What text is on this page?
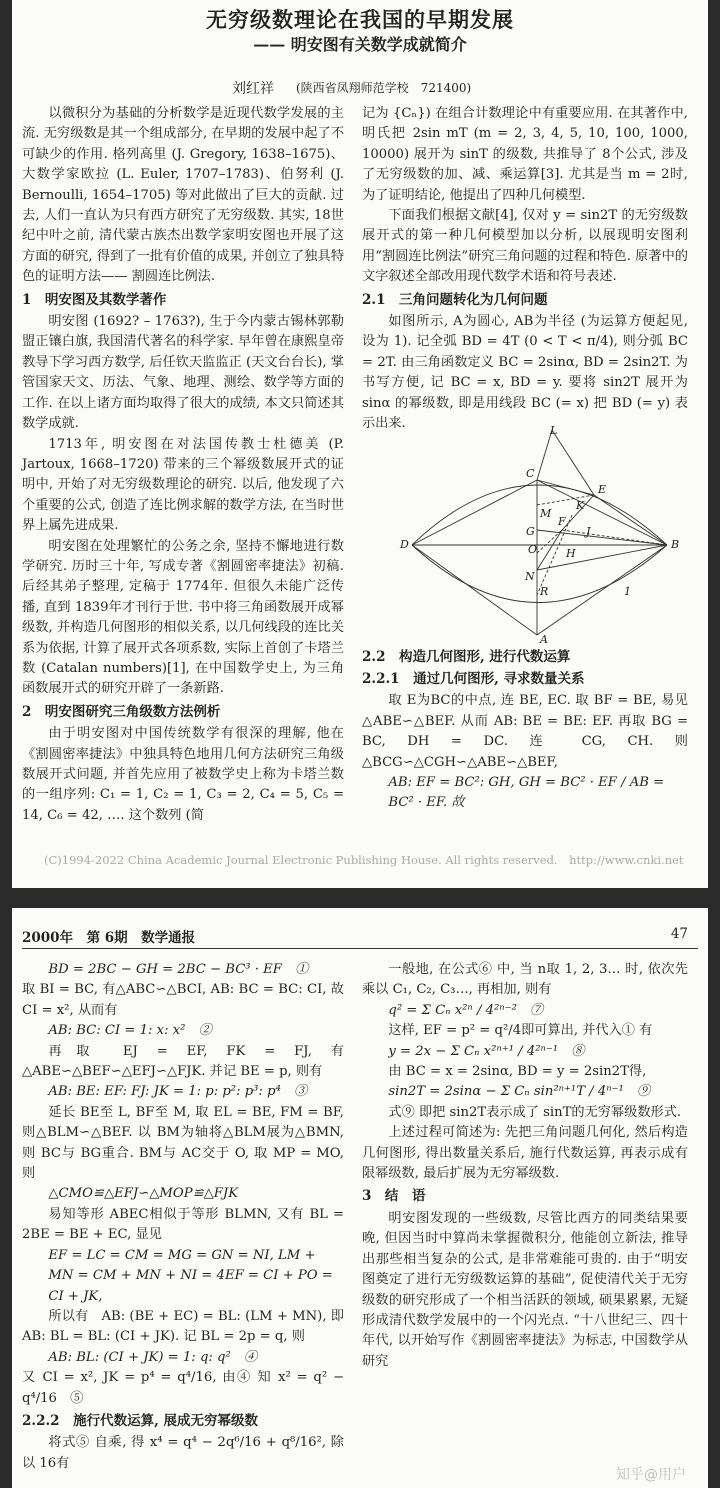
无穷级数理论在我国的早期发展
—— 明安图有关数学成就简介
刘红祥 (陕西省凤翔师范学校　721400)

以微积分为基础的分析数学是近现代数学发展的主流. 无穷级数是其一个组成部分, 在早期的发展中起了不可缺少的作用. 格列高里 (J. Gregory, 1638–1675)、大数学家欧拉 (L. Euler, 1707–1783)、伯努利 (J. Bernoulli, 1654–1705) 等对此做出了巨大的贡献. 过去, 人们一直认为只有西方研究了无穷级数. 其实, 18世纪中叶之前, 清代蒙古族杰出数学家明安图也开展了这方面的研究, 得到了一批有价值的成果, 并创立了独具特色的证明方法—— 割圆连比例法.

1　明安图及其数学著作

明安图 (1692? – 1763?), 生于今内蒙古锡林郭勒盟正镶白旗, 我国清代著名的科学家. 早年曾在康熙皇帝教导下学习西方数学, 后任钦天监监正 (天文台台长), 掌管国家天文、历法、气象、地理、测绘、数学等方面的工作. 在以上诸方面均取得了很大的成绩, 本文只简述其数学成就.

1713年, 明安图在对法国传教士杜德美 (P. Jartoux, 1668–1720) 带来的三个幂级数展开式的证明中, 开始了对无穷级数理论的研究. 以后, 他发现了六个重要的公式, 创造了连比例求解的数学方法, 在当时世界上属先进成果.

明安图在处理繁忙的公务之余, 坚持不懈地进行数学研究. 历时三十年, 写成专著《割圆密率捷法》初稿. 后经其弟子整理, 定稿于 1774年. 但很久未能广泛传播, 直到 1839年才刊行于世. 书中将三角函数展开成幂级数, 并构造几何图形的相似关系, 以几何线段的连比关系为依据, 计算了展开式各项系数, 实际上首创了卡塔兰数 (Catalan numbers)[1], 在中国数学史上, 为三角函数展开式的研究开辟了一条新路.

2　明安图研究三角级数方法例析

由于明安图对中国传统数学有很深的理解, 他在《割圆密率捷法》中独具特色地用几何方法研究三角级数展开式问题, 并首先应用了被数学史上称为卡塔兰数的一组序列: C₁ = 1, C₂ = 1, C₃ = 2, C₄ = 5, C₅ = 14, C₆ = 42, …. 这个数列 (简

记为 {Cₙ}) 在组合计数理论中有重要应用. 在其著作中, 明氏把 2sin mT (m = 2, 3, 4, 5, 10, 100, 1000, 10000) 展开为 sinT 的级数, 共推导了 8个公式, 涉及了无穷级数的加、减、乘运算[3]. 尤其是当 m = 2时, 为了证明结论, 他提出了四种几何模型.

下面我们根据文献[4], 仅对 y = sin2T 的无穷级数展开式的第一种几何模型加以分析, 以展现明安图利用“割圆连比例法”研究三角问题的过程和特色. 原著中的文字叙述全部改用现代数学术语和符号表述.

2.1　三角问题转化为几何问题

如图所示, A为圆心, AB为半径 (为运算方便起见, 设为 1). 记全弧 BD = 4T (0 < T < π/4), 则分弧 BC = 2T. 由三角函数定义 BC = 2sinα, BD = 2sin2T. 为书写方便, 记 BC = x, BD = y. 要将 sin2T 展开为 sinα 的幂级数, 即是用线段 BC (= x) 把 BD (= y) 表示出来.	L
C
E
B
D
F
M
O	H
G
N
K
J
R
A
1
2.2　构造几何图形, 进行代数运算
2.2.1　通过几何图形, 寻求数量关系

取 E为BC的中点, 连 BE, EC. 取 BF = BE, 易见△ABE∽△BEF. 从而 AB: BE = BE: EF. 再取 BG = BC, DH = DC. 连 CG, CH. 则△BCG∽△CGH∽△ABE∽△BEF,

AB: EF = BC²: GH, GH = BC² · EF / AB = BC² · EF. 故

(C)1994-2022 China Academic Journal Electronic Publishing House. All rights reserved.　http://www.cnki.net
2000年　第 6期　数学通报	47

BD = 2BC − GH = 2BC − BC³ · EF　①

取 BI = BC, 有△ABC∽△BCI, AB: BC = BC: CI, 故 CI = x², 从而有

AB: BC: CI = 1: x: x²　②

再取 EJ = EF, FK = FJ, 有△ABE∽△BEF∽△EFJ∽△FJK. 并记 BE = p, 则有

AB: BE: EF: FJ: JK = 1: p: p²: p³: p⁴　③

延长 BE至 L, BF至 M, 取 EL = BE, FM = BF, 则△BLM∽△BEF. 以 BM为轴将△BLM展为△BMN, 则 BC与 BG重合. BM与 AC交于 O, 取 MP = MO, 则

△CMO≌△EFJ∽△MOP≌△FJK

易知等形 ABEC相似于等形 BLMN, 又有 BL = 2BE = BE + EC, 显见

EF = LC = CM = MG = GN = NI, LM + MN = CM + MN + NI = 4EF = CI + PO = CI + JK,

所以有　AB: (BE + EC) = BL: (LM + MN), 即 AB: BL = BL: (CI + JK). 记 BL = 2p = q, 则

AB: BL: (CI + JK) = 1: q: q²　④

又 CI = x², JK = p⁴ = q⁴/16, 由④ 知 x² = q² − q⁴/16　⑤

2.2.2　施行代数运算, 展成无穷幂级数

将式⑤ 自乘, 得 x⁴ = q⁴ − 2q⁶/16 + q⁸/16², 除以 16有

一般地, 在公式⑥ 中, 当 n取 1, 2, 3… 时, 依次先乘以 C₁, C₂, C₃…, 再相加, 则有

q² = Σ Cₙ x²ⁿ / 4²ⁿ⁻²　⑦

这样, EF = p² = q²/4即可算出, 并代入① 有

y = 2x − Σ Cₙ x²ⁿ⁺¹ / 4²ⁿ⁻¹　⑧

由 BC = x = 2sinα, BD = y = 2sin2T得,

sin2T = 2sinα − Σ Cₙ sin²ⁿ⁺¹T / 4ⁿ⁻¹　⑨

式⑨ 即把 sin2T表示成了 sinT的无穷幂级数形式.

上述过程可简述为: 先把三角问题几何化, 然后构造几何图形, 得出数量关系后, 施行代数运算, 再表示成有限幂级数, 最后扩展为无穷幂级数.

3　结　语

明安图发现的一些级数, 尽管比西方的同类结果要晚, 但因当时中算尚未掌握微积分, 他能创立新法, 推导出那些相当复杂的公式, 是非常难能可贵的. 由于“明安图奠定了进行无穷级数运算的基础”, 促使清代关于无穷级数的研究形成了一个相当活跃的领域, 硕果累累, 无疑形成清代数学发展中的一个闪光点. “十八世纪三、四十年代, 以开始写作《割圆密率捷法》为标志, 中国数学从研究

知乎@用户
